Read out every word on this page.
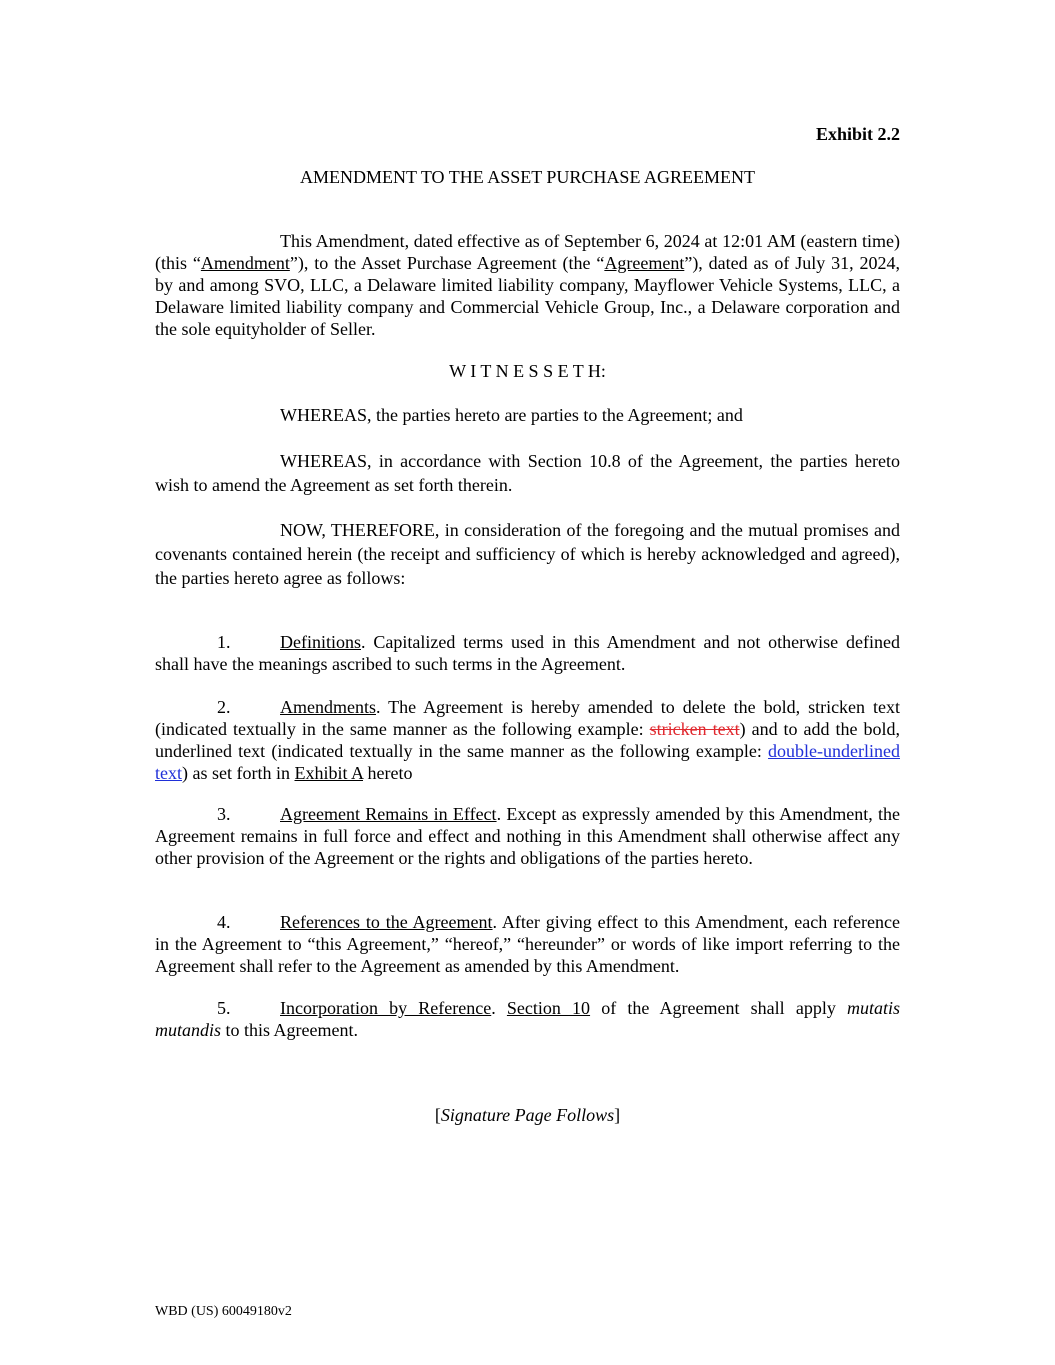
Exhibit 2.2
AMENDMENT TO THE ASSET PURCHASE AGREEMENT

This Amendment, dated effective as of September 6, 2024 at 12:01 AM (eastern time) (this “Amendment”), to the Asset Purchase Agreement (the “Agreement”), dated as of July 31, 2024, by and among SVO, LLC, a Delaware limited liability company, Mayflower Vehicle Systems, LLC, a Delaware limited liability company and Commercial Vehicle Group, Inc., a Delaware corporation and the sole equityholder of Seller.

W I T N E S S E T H:

WHEREAS, the parties hereto are parties to the Agreement; and

WHEREAS, in accordance with Section 10.8 of the Agreement, the parties hereto wish to amend the Agreement as set forth therein.

NOW, THEREFORE, in consideration of the foregoing and the mutual promises and covenants contained herein (the receipt and sufficiency of which is hereby acknowledged and agreed), the parties hereto agree as follows:

1.	Definitions. Capitalized terms used in this Amendment and not otherwise defined shall have the meanings ascribed to such terms in the Agreement.

2.	Amendments. The Agreement is hereby amended to delete the bold, stricken text (indicated textually in the same manner as the following example: stricken text) and to add the bold, underlined text (indicated textually in the same manner as the following example: double-underlined text) as set forth in Exhibit A hereto

3.	Agreement Remains in Effect. Except as expressly amended by this Amendment, the Agreement remains in full force and effect and nothing in this Amendment shall otherwise affect any other provision of the Agreement or the rights and obligations of the parties hereto.

4.	References to the Agreement. After giving effect to this Amendment, each reference in the Agreement to “this Agreement,” “hereof,” “hereunder” or words of like import referring to the Agreement shall refer to the Agreement as amended by this Amendment.

5.	Incorporation by Reference. Section 10 of the Agreement shall apply mutatis mutandis to this Agreement.

[Signature Page Follows]
WBD (US) 60049180v2
